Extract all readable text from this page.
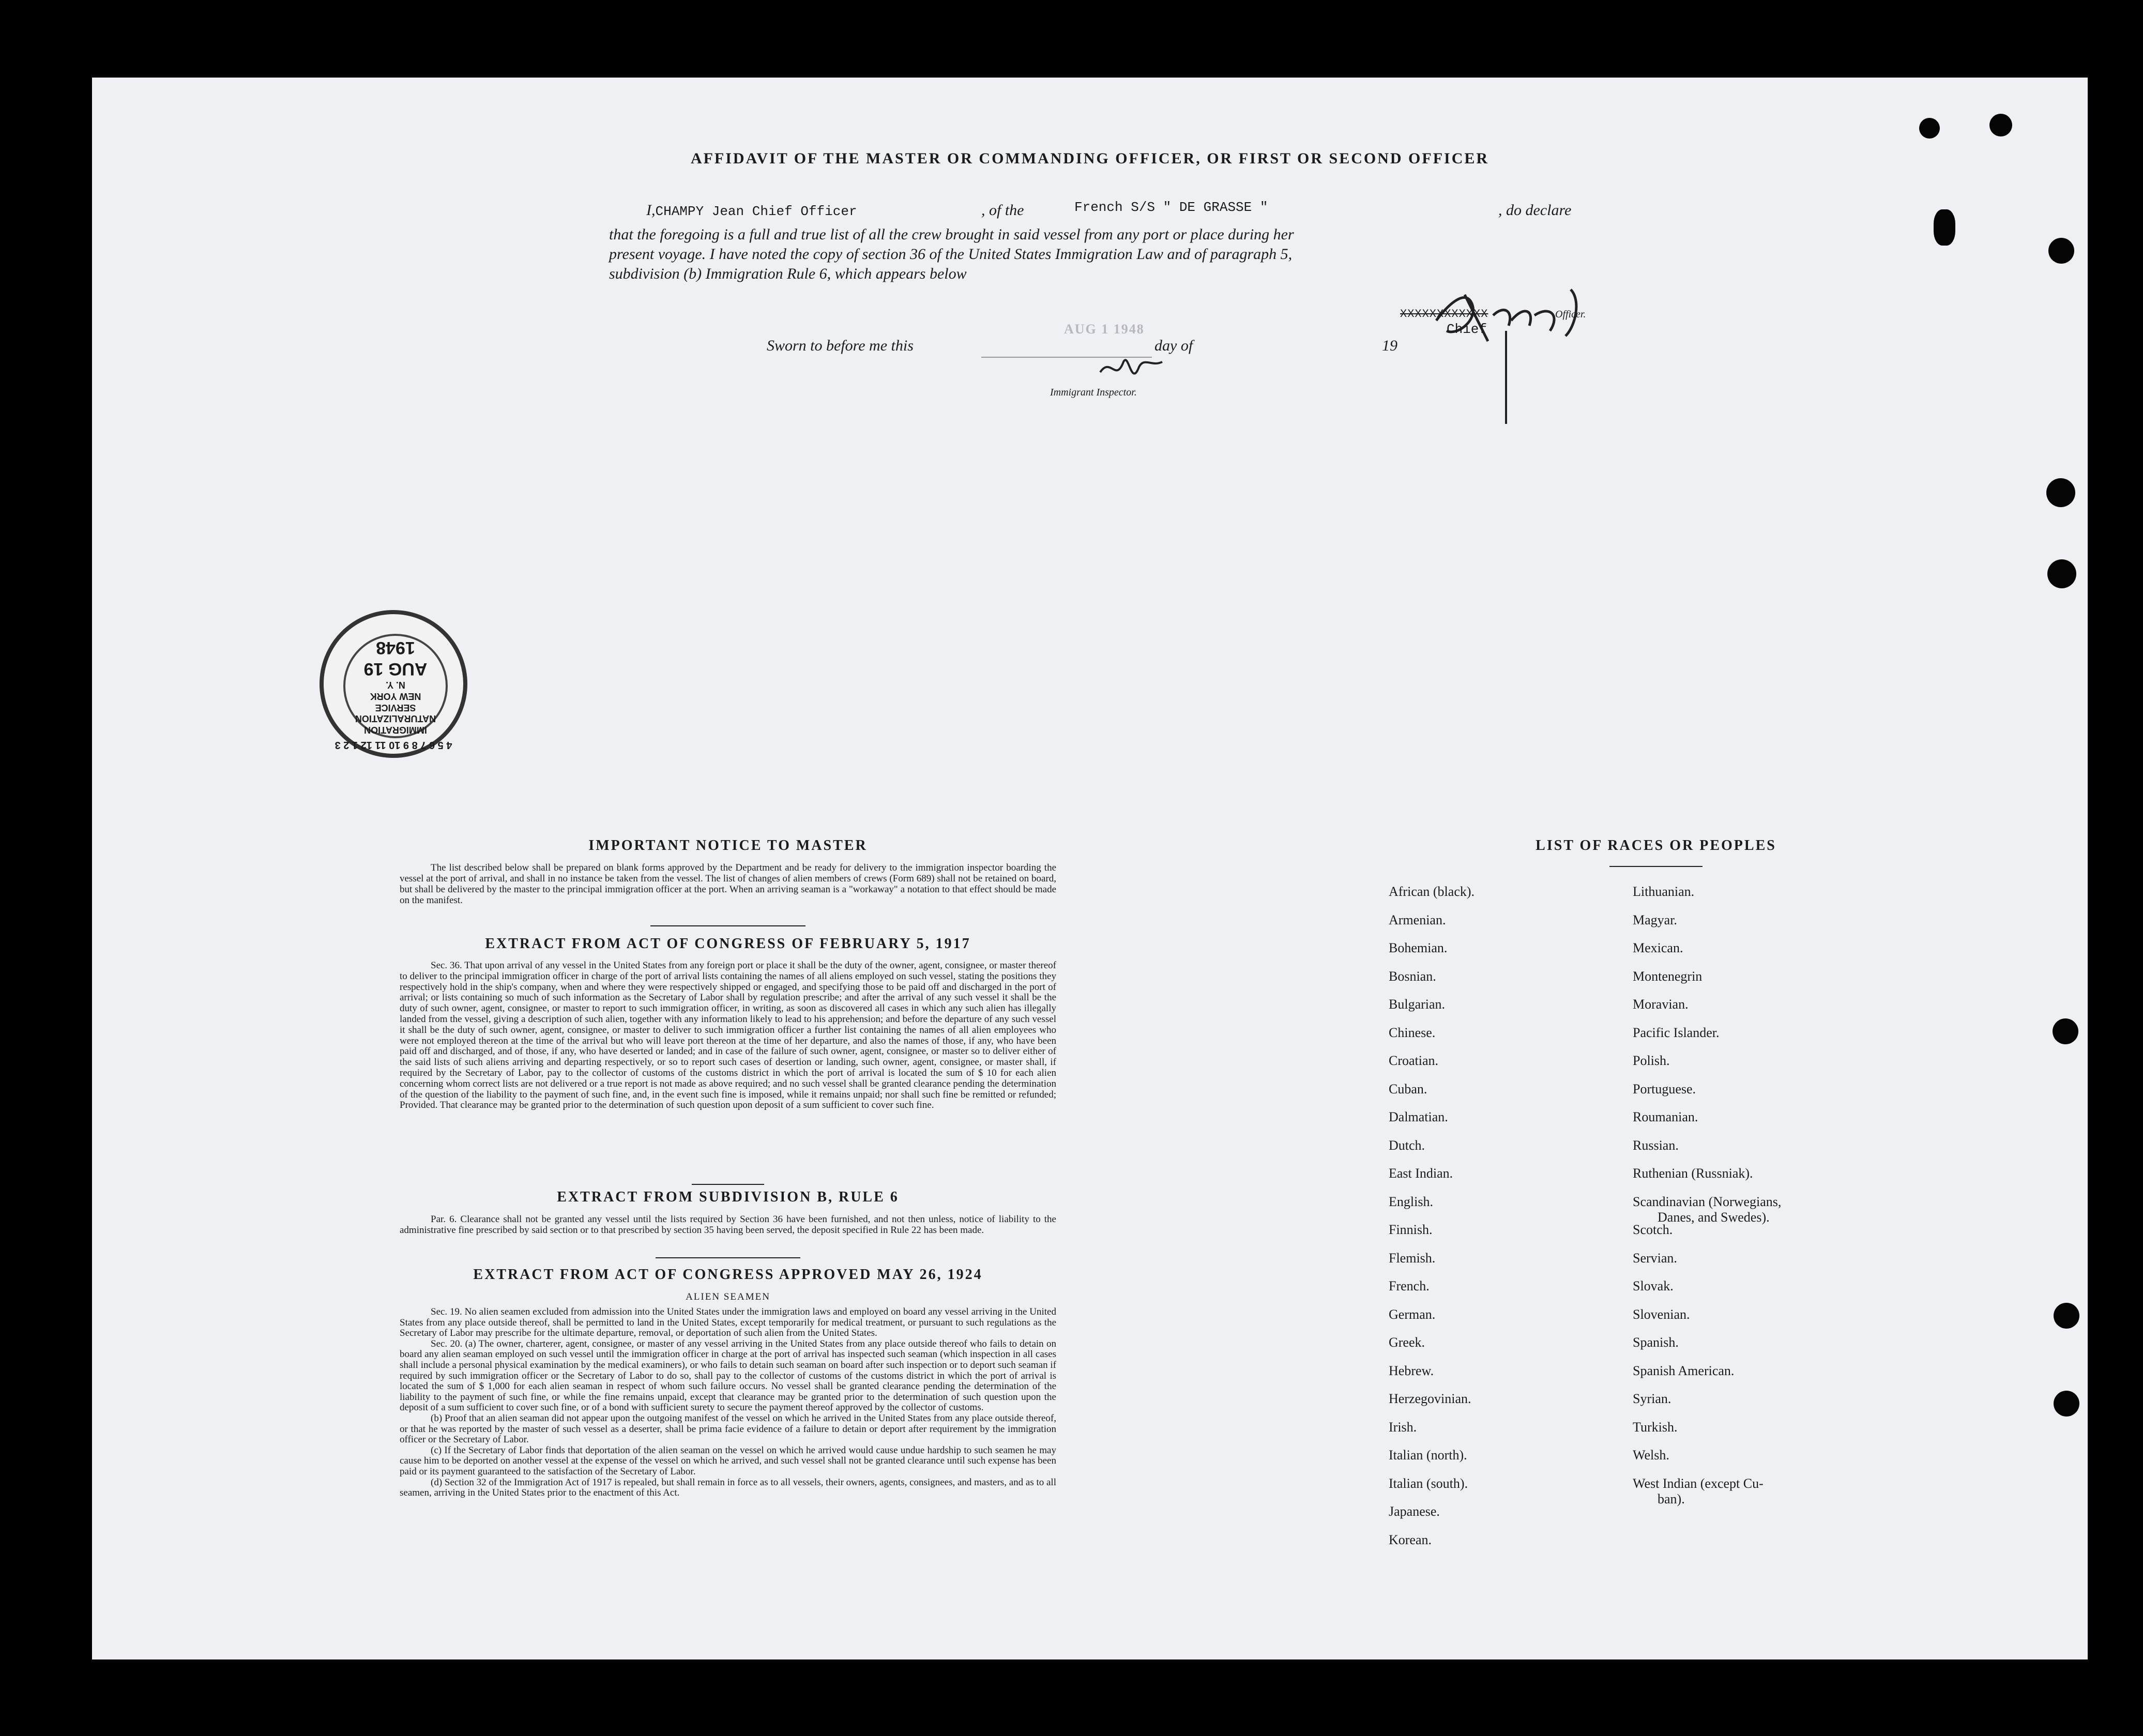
AFFIDAVIT OF THE MASTER OR COMMANDING OFFICER, OR FIRST OR SECOND OFFICER
I,CHAMPY Jean Chief Officer	, of the	French S/S " DE GRASSE "	, do declare
that the foregoing is a full and true list of all the crew brought in said vessel from any port or place during her
present voyage. I have noted the copy of section 36 of the United States Immigration Law and of paragraph 5,
subdivision (b) Immigration Rule 6, which appears below
XXXXXXXXXXXX	Officer.
Chief
Sworn to before me this
AUG 1 1948
day of	19
Immigrant Inspector.
IMMIGRATION
NATURALIZATION
SERVICE
NEW YORK
N. Y.
AUG 19 1948
4 5 6 7 8 9 10 11 12 1 2 3
IMPORTANT NOTICE TO MASTER
The list described below shall be prepared on blank forms approved by the Department and be ready for delivery to the immigration inspector boarding the vessel at the port of arrival, and shall in no instance be taken from the vessel. The list of changes of alien members of crews (Form 689) shall not be retained on board, but shall be delivered by the master to the principal immigration officer at the port. When an arriving seaman is a "workaway" a notation to that effect should be made on the manifest.
EXTRACT FROM ACT OF CONGRESS OF FEBRUARY 5, 1917
Sec. 36. That upon arrival of any vessel in the United States from any foreign port or place it shall be the duty of the owner, agent, consignee, or master thereof to deliver to the principal immigration officer in charge of the port of arrival lists containing the names of all aliens employed on such vessel, stating the positions they respectively hold in the ship's company, when and where they were respectively shipped or engaged, and specifying those to be paid off and discharged in the port of arrival; or lists containing so much of such information as the Secretary of Labor shall by regulation prescribe; and after the arrival of any such vessel it shall be the duty of such owner, agent, consignee, or master to report to such immigration officer, in writing, as soon as discovered all cases in which any such alien has illegally landed from the vessel, giving a description of such alien, together with any information likely to lead to his apprehension; and before the departure of any such vessel it shall be the duty of such owner, agent, consignee, or master to deliver to such immigration officer a further list containing the names of all alien employees who were not employed thereon at the time of the arrival but who will leave port thereon at the time of her departure, and also the names of those, if any, who have been paid off and discharged, and of those, if any, who have deserted or landed; and in case of the failure of such owner, agent, consignee, or master so to deliver either of the said lists of such aliens arriving and departing respectively, or so to report such cases of desertion or landing, such owner, agent, consignee, or master shall, if required by the Secretary of Labor, pay to the collector of customs of the customs district in which the port of arrival is located the sum of $ 10 for each alien concerning whom correct lists are not delivered or a true report is not made as above required; and no such vessel shall be granted clearance pending the determination of the question of the liability to the payment of such fine, and, in the event such fine is imposed, while it remains unpaid; nor shall such fine be remitted or refunded; Provided. That clearance may be granted prior to the determination of such question upon deposit of a sum sufficient to cover such fine.
EXTRACT FROM SUBDIVISION B, RULE 6
Par. 6. Clearance shall not be granted any vessel until the lists required by Section 36 have been furnished, and not then unless, notice of liability to the administrative fine prescribed by said section or to that prescribed by section 35 having been served, the deposit specified in Rule 22 has been made.
EXTRACT FROM ACT OF CONGRESS APPROVED MAY 26, 1924
ALIEN SEAMEN
Sec. 19. No alien seamen excluded from admission into the United States under the immigration laws and employed on board any vessel arriving in the United States from any place outside thereof, shall be permitted to land in the United States, except temporarily for medical treatment, or pursuant to such regulations as the Secretary of Labor may prescribe for the ultimate departure, removal, or deportation of such alien from the United States.
Sec. 20. (a) The owner, charterer, agent, consignee, or master of any vessel arriving in the United States from any place outside thereof who fails to detain on board any alien seaman employed on such vessel until the immigration officer in charge at the port of arrival has inspected such seaman (which inspection in all cases shall include a personal physical examination by the medical examiners), or who fails to detain such seaman on board after such inspection or to deport such seaman if required by such immigration officer or the Secretary of Labor to do so, shall pay to the collector of customs of the customs district in which the port of arrival is located the sum of $ 1,000 for each alien seaman in respect of whom such failure occurs. No vessel shall be granted clearance pending the determination of the liability to the payment of such fine, or while the fine remains unpaid, except that clearance may be granted prior to the determination of such question upon the deposit of a sum sufficient to cover such fine, or of a bond with sufficient surety to secure the payment thereof approved by the collector of customs.
(b) Proof that an alien seaman did not appear upon the outgoing manifest of the vessel on which he arrived in the United States from any place outside thereof, or that he was reported by the master of such vessel as a deserter, shall be prima facie evidence of a failure to detain or deport after requirement by the immigration officer or the Secretary of Labor.
(c) If the Secretary of Labor finds that deportation of the alien seaman on the vessel on which he arrived would cause undue hardship to such seamen he may cause him to be deported on another vessel at the expense of the vessel on which he arrived, and such vessel shall not be granted clearance until such expense has been paid or its payment guaranteed to the satisfaction of the Secretary of Labor.
(d) Section 32 of the Immigration Act of 1917 is repealed, but shall remain in force as to all vessels, their owners, agents, consignees, and masters, and as to all seamen, arriving in the United States prior to the enactment of this Act.
LIST OF RACES OR PEOPLES
African (black).
Armenian.
Bohemian.
Bosnian.
Bulgarian.
Chinese.
Croatian.
Cuban.
Dalmatian.
Dutch.
East Indian.
English.
Finnish.
Flemish.
French.
German.
Greek.
Hebrew.
Herzegovinian.
Irish.
Italian (north).
Italian (south).
Japanese.
Korean.
Lithuanian.
Magyar.
Mexican.
Montenegrin
Moravian.
Pacific Islander.
Polish.
Portuguese.
Roumanian.
Russian.
Ruthenian (Russniak).
Scandinavian (Norwegians,
Danes, and Swedes).
Scotch.
Servian.
Slovak.
Slovenian.
Spanish.
Spanish American.
Syrian.
Turkish.
Welsh.
West Indian (except Cu-
ban).
